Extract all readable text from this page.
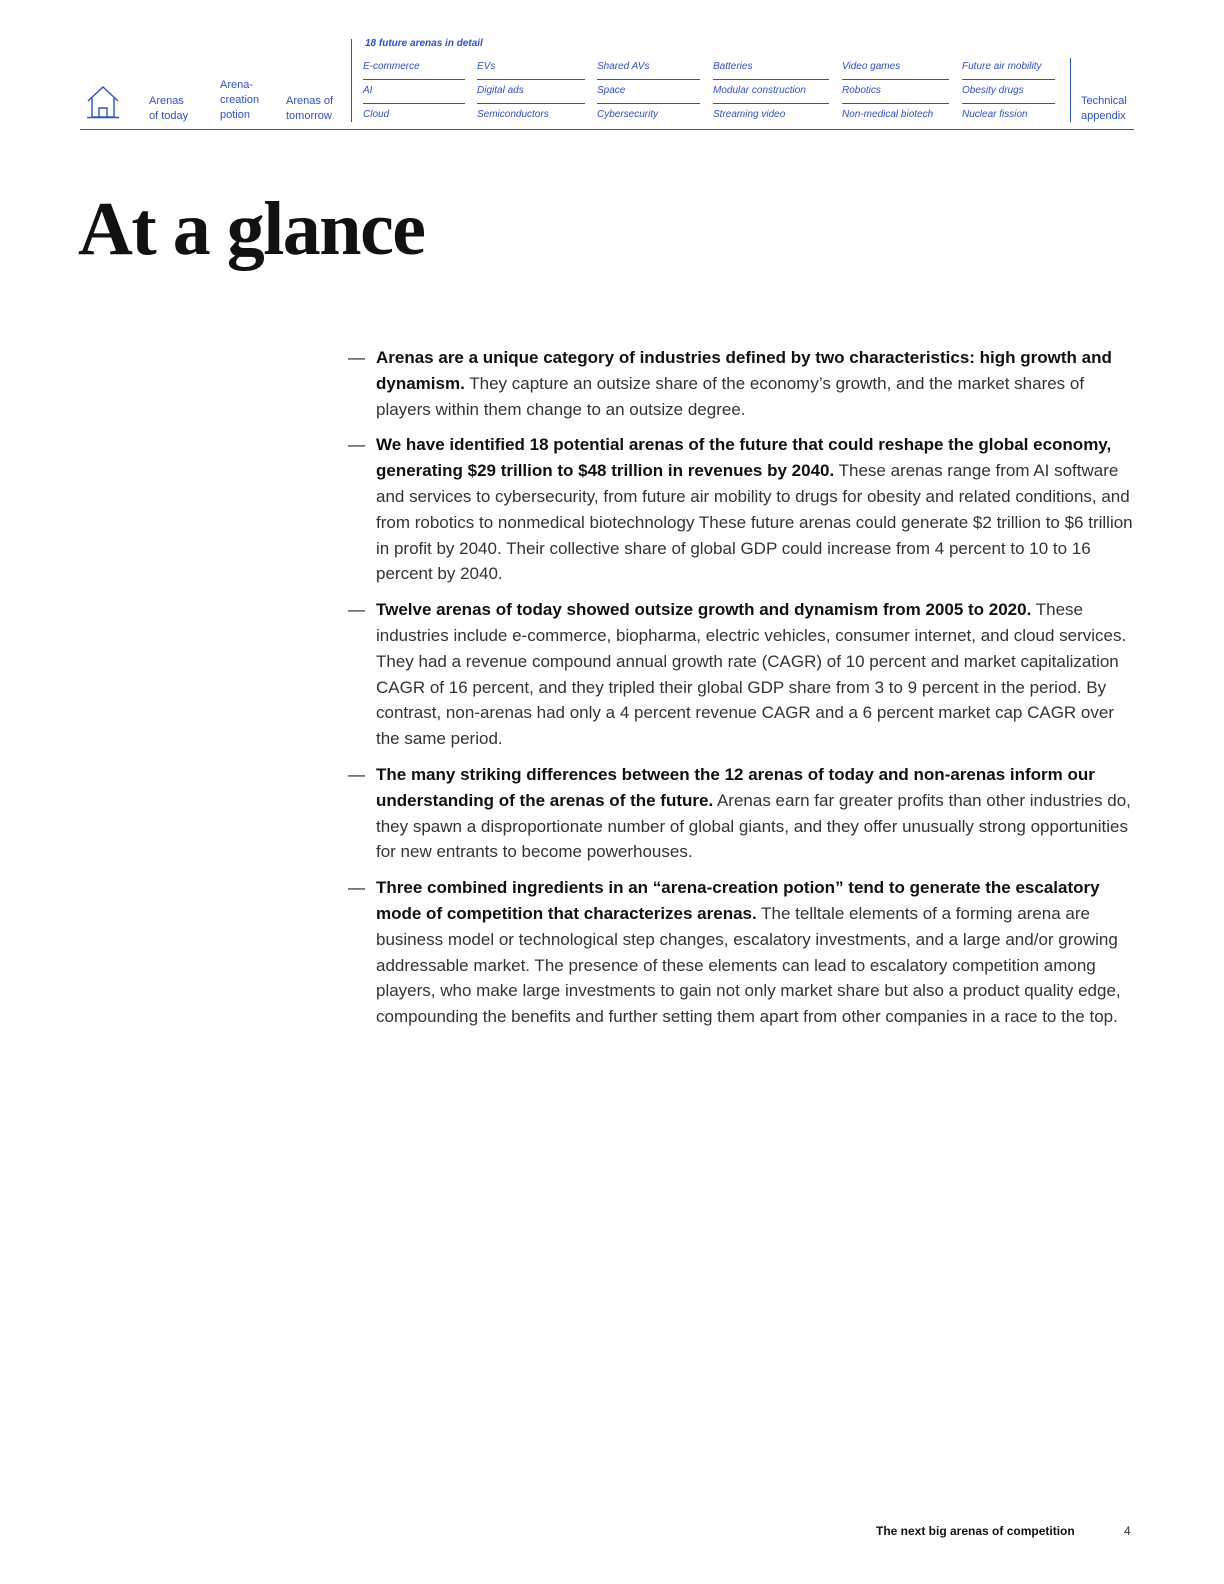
Arenas
of today
Arena-
creation
potion
Arenas of
tomorrow
18 future arenas in detail
E-commerce	EVs	Shared AVs	Batteries	Video games	Future air mobility
AI	Digital ads	Space	Modular construction	Robotics	Obesity drugs
Cloud	Semiconductors	Cybersecurity	Streaming video	Non-medical biotech	Nuclear fission
Technical
appendix
At a glance
— Arenas are a unique category of industries defined by two characteristics: high growth and dynamism. They capture an outsize share of the economy’s growth, and the market shares of players within them change to an outsize degree.
— We have identified 18 potential arenas of the future that could reshape the global economy, generating $29 trillion to $48 trillion in revenues by 2040. These arenas range from AI software and services to cybersecurity, from future air mobility to drugs for obesity and related conditions, and from robotics to nonmedical biotechnology These future arenas could generate $2 trillion to $6 trillion in profit by 2040. Their collective share of global GDP could increase from 4 percent to 10 to 16 percent by 2040.
— Twelve arenas of today showed outsize growth and dynamism from 2005 to 2020. These industries include e-commerce, biopharma, electric vehicles, consumer internet, and cloud services. They had a revenue compound annual growth rate (CAGR) of 10 percent and market capitalization CAGR of 16 percent, and they tripled their global GDP share from 3 to 9 percent in the period. By contrast, non-arenas had only a 4 percent revenue CAGR and a 6 percent market cap CAGR over the same period.
— The many striking differences between the 12 arenas of today and non-arenas inform our understanding of the arenas of the future. Arenas earn far greater profits than other industries do, they spawn a disproportionate number of global giants, and they offer unusually strong opportunities for new entrants to become powerhouses.
— Three combined ingredients in an “arena-creation potion” tend to generate the escalatory mode of competition that characterizes arenas. The telltale elements of a forming arena are business model or technological step changes, escalatory investments, and a large and/or growing addressable market. The presence of these elements can lead to escalatory competition among players, who make large investments to gain not only market share but also a product quality edge, compounding the benefits and further setting them apart from other companies in a race to the top.
The next big arenas of competition	4
